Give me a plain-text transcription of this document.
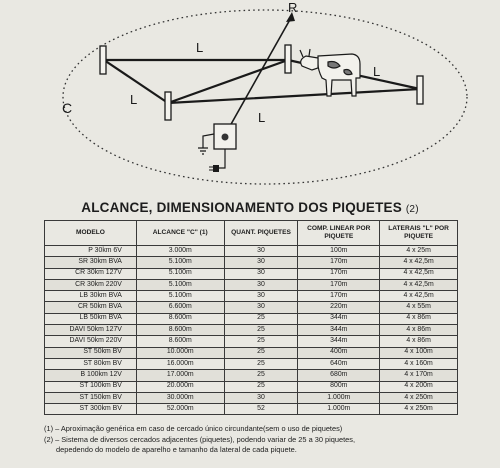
C
R
L
L
L
L
ALCANCE, DIMENSIONAMENTO DOS PIQUETES (2)
MODELO	ALCANCE "C" (1)	QUANT. PIQUETES	COMP. LINEAR POR PIQUETE	LATERAIS "L" POR PIQUETE
P 30km 6V	3.000m	30	100m	4 x 25m
SR 30km BVA	5.100m	30	170m	4 x 42,5m
CR 30km 127V	5.100m	30	170m	4 x 42,5m
CR 30km 220V	5.100m	30	170m	4 x 42,5m
LB 30km BVA	5.100m	30	170m	4 x 42,5m
CR 50km BVA	6.600m	30	220m	4 x 55m
LB 50km BVA	8.600m	25	344m	4 x 86m
DAVI 50km 127V	8.600m	25	344m	4 x 86m
DAVI 50km 220V	8.600m	25	344m	4 x 86m
ST 50km BV	10.000m	25	400m	4 x 100m
ST 80km BV	16.000m	25	640m	4 x 160m
B 100km 12V	17.000m	25	680m	4 x 170m
ST 100km BV	20.000m	25	800m	4 x 200m
ST 150km BV	30.000m	30	1.000m	4 x 250m
ST 300km BV	52.000m	52	1.000m	4 x 250m
(1) – Aproximação genérica em caso de cercado único circundante(sem o uso de piquetes)
(2) – Sistema de diversos cercados adjacentes (piquetes), podendo variar de 25 a 30 piquetes,
depedendo do modelo de aparelho e tamanho da lateral de cada piquete.
